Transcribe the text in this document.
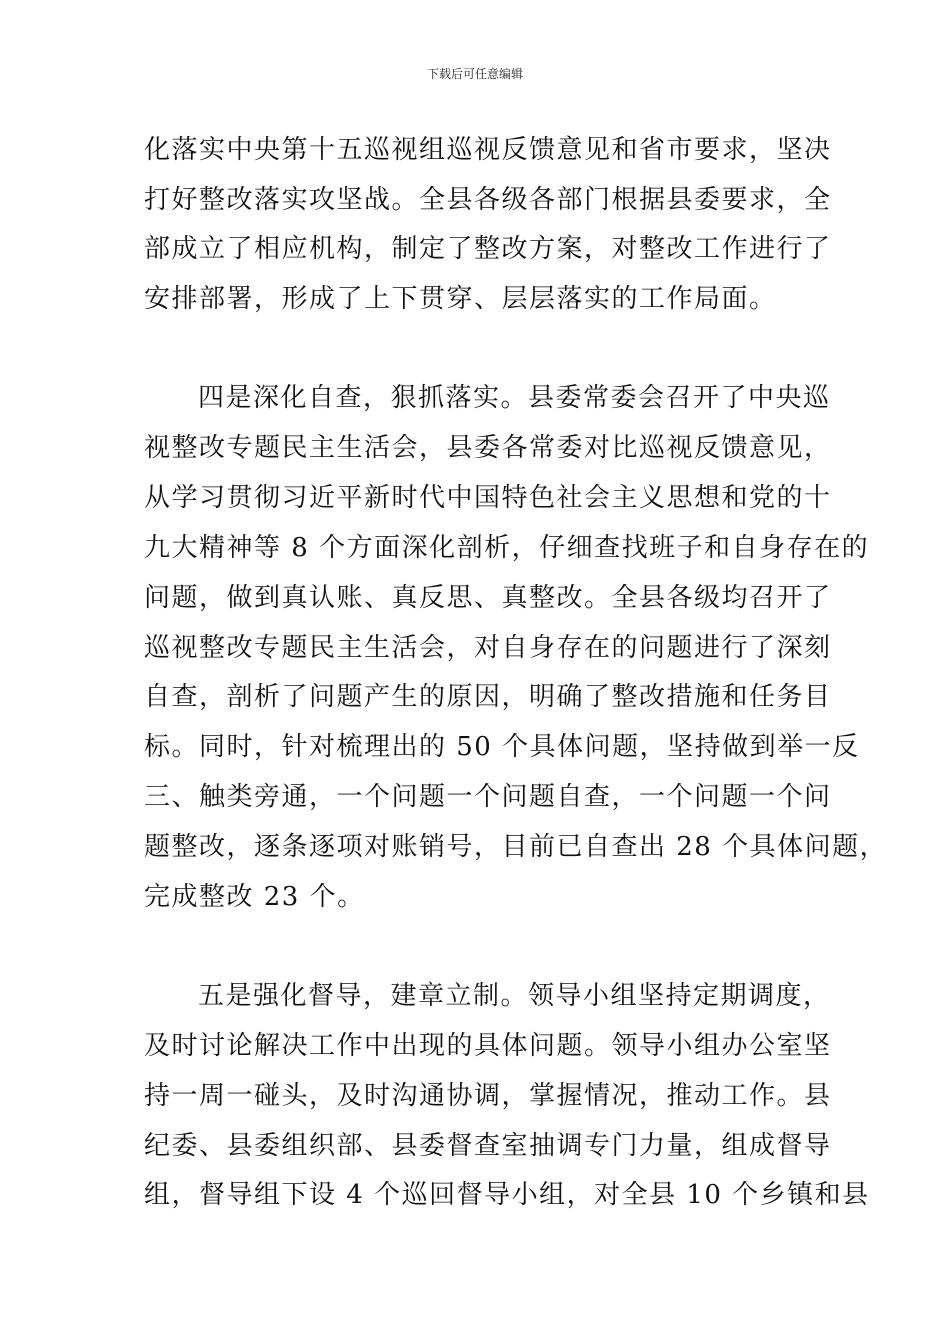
下载后可任意编辑
化落实中央第十五巡视组巡视反馈意见和省市要求，坚决
打好整改落实攻坚战。全县各级各部门根据县委要求，全
部成立了相应机构，制定了整改方案，对整改工作进行了
安排部署，形成了上下贯穿、层层落实的工作局面。
四是深化自查，狠抓落实。县委常委会召开了中央巡
视整改专题民主生活会，县委各常委对比巡视反馈意见，
从学习贯彻习近平新时代中国特色社会主义思想和党的十
九大精神等 8 个方面深化剖析，仔细查找班子和自身存在的
问题，做到真认账、真反思、真整改。全县各级均召开了
巡视整改专题民主生活会，对自身存在的问题进行了深刻
自查，剖析了问题产生的原因，明确了整改措施和任务目
标。同时，针对梳理出的 50 个具体问题，坚持做到举一反
三、触类旁通，一个问题一个问题自查，一个问题一个问
题整改，逐条逐项对账销号，目前已自查出 28 个具体问题，
完成整改 23 个。
五是强化督导，建章立制。领导小组坚持定期调度，
及时讨论解决工作中出现的具体问题。领导小组办公室坚
持一周一碰头，及时沟通协调，掌握情况，推动工作。县
纪委、县委组织部、县委督查室抽调专门力量，组成督导
组，督导组下设 4 个巡回督导小组，对全县 10 个乡镇和县
